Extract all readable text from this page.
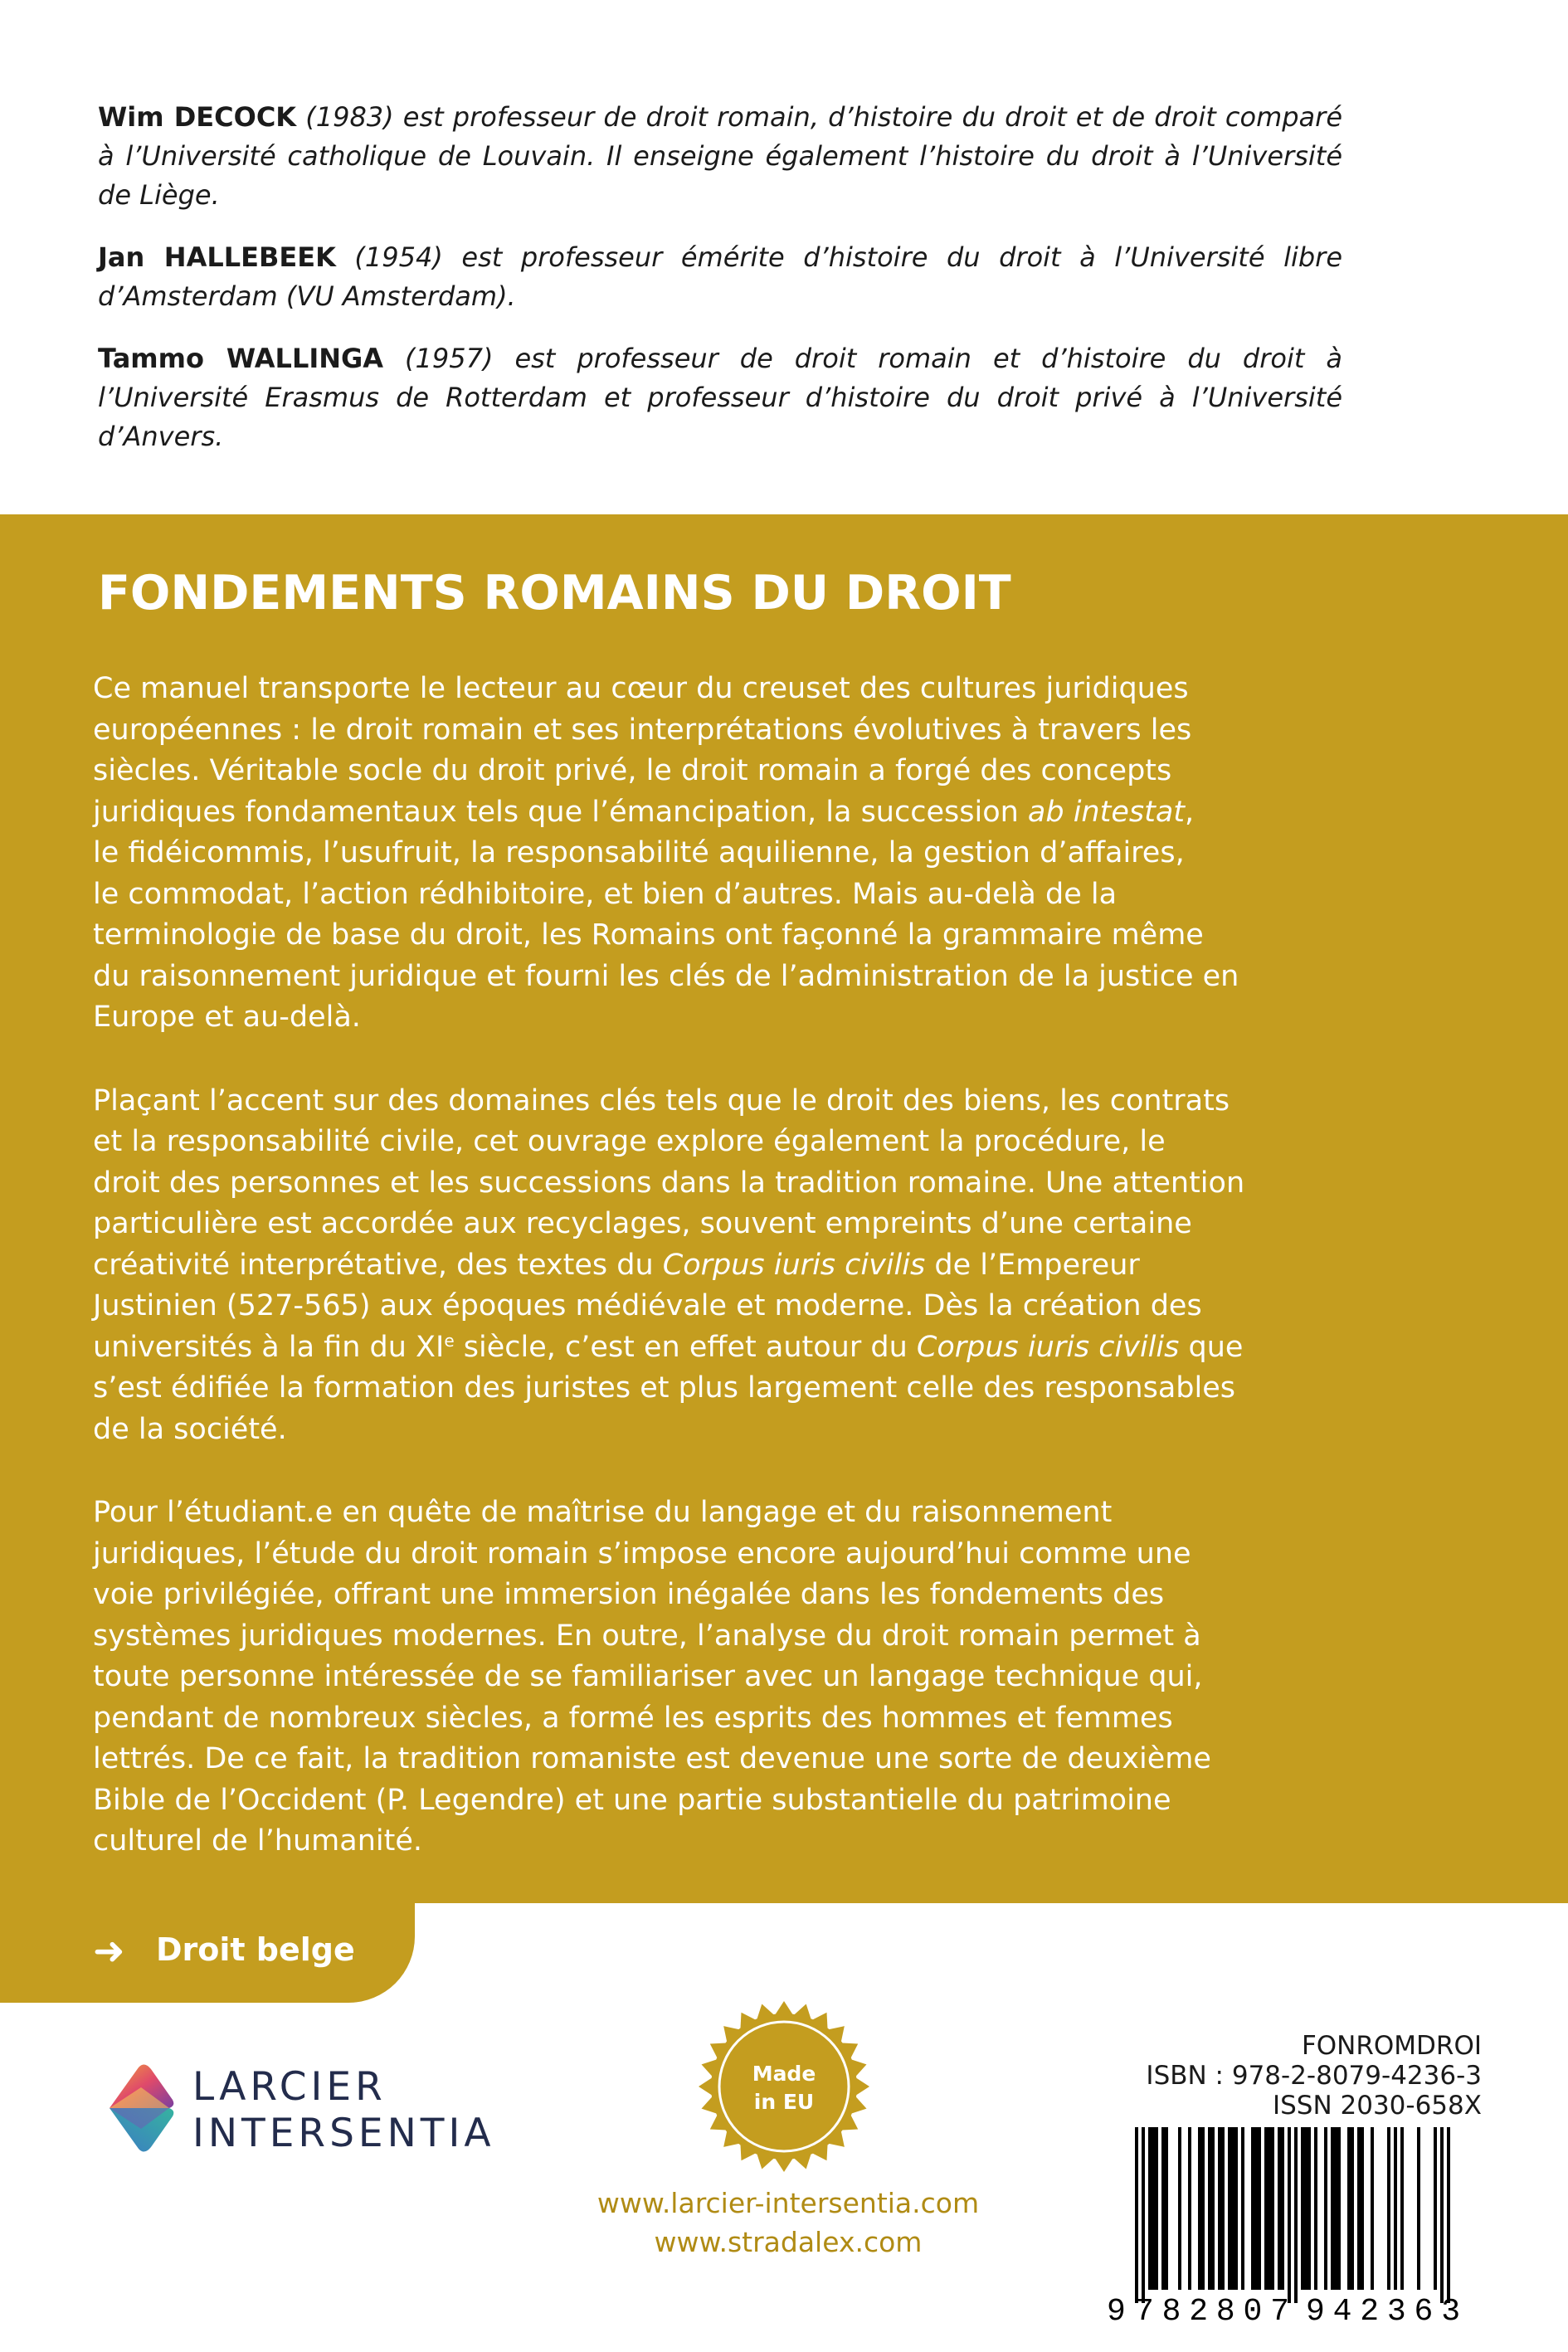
Wim DECOCK (1983) est professeur de droit romain, d’histoire du droit et de droit comparé à l’Université catholique de Louvain. Il enseigne également l’histoire du droit à l’Université de Liège.

Jan HALLEBEEK (1954) est professeur émérite d’histoire du droit à l’Université libre d’Amsterdam (VU Amsterdam).

Tammo WALLINGA (1957) est professeur de droit romain et d’histoire du droit à l’Université Erasmus de Rotterdam et professeur d’histoire du droit privé à l’Université d’Anvers.

FONDEMENTS ROMAINS DU DROIT

Ce manuel transporte le lecteur au cœur du creuset des cultures juridiques
européennes : le droit romain et ses interprétations évolutives à travers les
siècles. Véritable socle du droit privé, le droit romain a forgé des concepts
juridiques fondamentaux tels que l’émancipation, la succession ab intestat,
le fidéicommis, l’usufruit, la responsabilité aquilienne, la gestion d’affaires,
le commodat, l’action rédhibitoire, et bien d’autres. Mais au-delà de la
terminologie de base du droit, les Romains ont façonné la grammaire même
du raisonnement juridique et fourni les clés de l’administration de la justice en
Europe et au-delà.

Plaçant l’accent sur des domaines clés tels que le droit des biens, les contrats
et la responsabilité civile, cet ouvrage explore également la procédure, le
droit des personnes et les successions dans la tradition romaine. Une attention
particulière est accordée aux recyclages, souvent empreints d’une certaine
créativité interprétative, des textes du Corpus iuris civilis de l’Empereur
Justinien (527-565) aux époques médiévale et moderne. Dès la création des
universités à la fin du XIe siècle, c’est en effet autour du Corpus iuris civilis que
s’est édifiée la formation des juristes et plus largement celle des responsables
de la société.

Pour l’étudiant.e en quête de maîtrise du langage et du raisonnement
juridiques, l’étude du droit romain s’impose encore aujourd’hui comme une
voie privilégiée, offrant une immersion inégalée dans les fondements des
systèmes juridiques modernes. En outre, l’analyse du droit romain permet à
toute personne intéressée de se familiariser avec un langage technique qui,
pendant de nombreux siècles, a formé les esprits des hommes et femmes
lettrés. De ce fait, la tradition romaniste est devenue une sorte de deuxième
Bible de l’Occident (P. Legendre) et une partie substantielle du patrimoine
culturel de l’humanité.

➜ Droit belge
LARCIER
INTERSENTIA
Made
in EU
www.larcier-intersentia.com
www.stradalex.com
FONROMDROI
ISBN : 978-2-8079-4236-3
ISSN 2030-658X
9 782807 942363
